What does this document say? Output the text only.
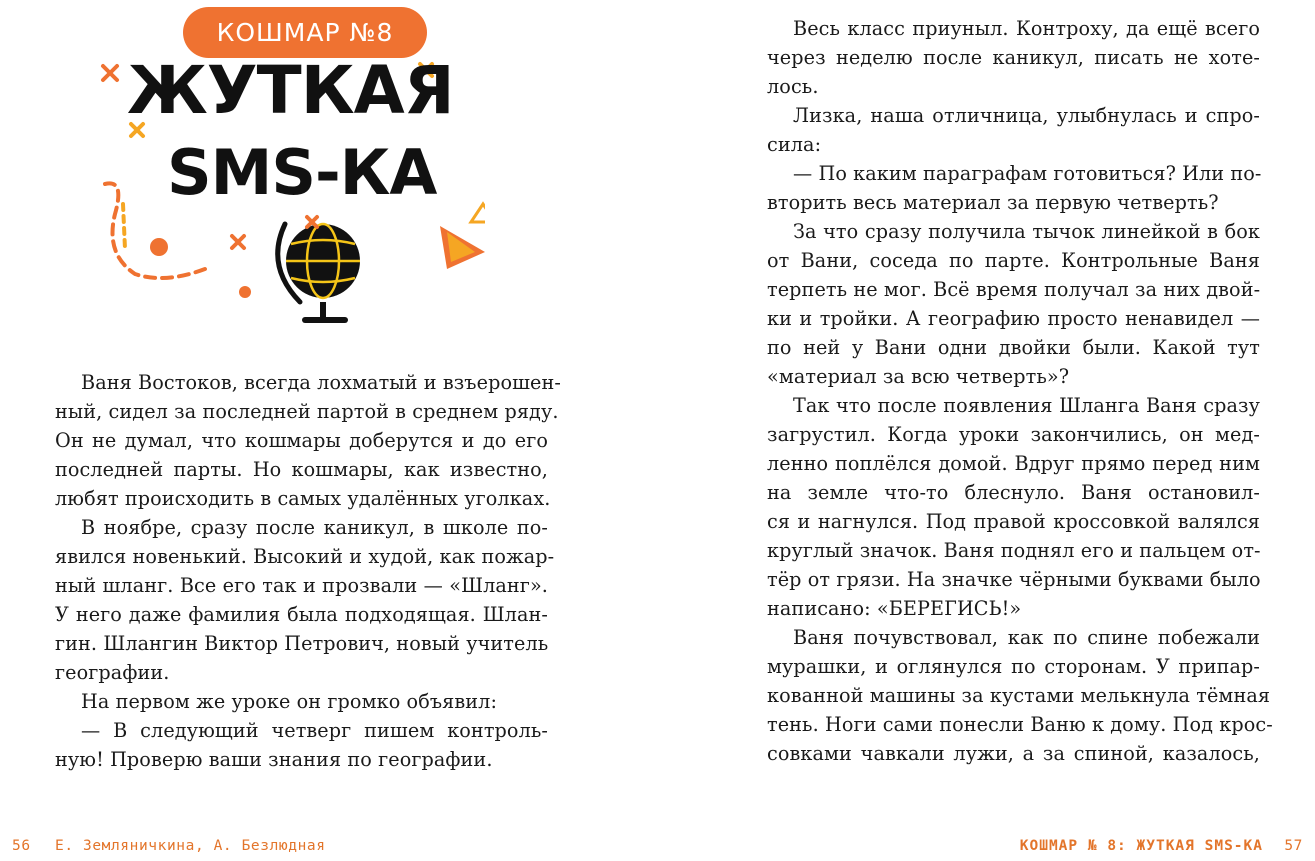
КОШМАР №8
ЖУТКАЯ
SMS-КА
Ваня Востоков, всегда лохматый и взъерошен-
ный, сидел за последней партой в среднем ряду.
Он не думал, что кошмары доберутся и до его
последней парты. Но кошмары, как известно,
любят происходить в самых удалённых уголках.
В ноябре, сразу после каникул, в школе по-
явился новенький. Высокий и худой, как пожар-
ный шланг. Все его так и прозвали — «Шланг».
У него даже фамилия была подходящая. Шлан-
гин. Шлангин Виктор Петрович, новый учитель
географии.
На первом же уроке он громко объявил:
— В следующий четверг пишем контроль-
ную! Проверю ваши знания по географии.
56 Е. Земляничкина, А. Безлюдная
Весь класс приуныл. Контроху, да ещё всего
через неделю после каникул, писать не хоте-
лось.
Лизка, наша отличница, улыбнулась и спро-
сила:
— По каким параграфам готовиться? Или по-
вторить весь материал за первую четверть?
За что сразу получила тычок линейкой в бок
от Вани, соседа по парте. Контрольные Ваня
терпеть не мог. Всё время получал за них двой-
ки и тройки. А географию просто ненавидел —
по ней у Вани одни двойки были. Какой тут
«материал за всю четверть»?
Так что после появления Шланга Ваня сразу
загрустил. Когда уроки закончились, он мед-
ленно поплёлся домой. Вдруг прямо перед ним
на земле что-то блеснуло. Ваня остановил-
ся и нагнулся. Под правой кроссовкой валялся
круглый значок. Ваня поднял его и пальцем от-
тёр от грязи. На значке чёрными буквами было
написано: «БЕРЕГИСЬ!»
Ваня почувствовал, как по спине побежали
мурашки, и оглянулся по сторонам. У припар-
кованной машины за кустами мелькнула тёмная
тень. Ноги сами понесли Ваню к дому. Под крос-
совками чавкали лужи, а за спиной, казалось,
КОШМАР № 8: ЖУТКАЯ SMS-КА 57
